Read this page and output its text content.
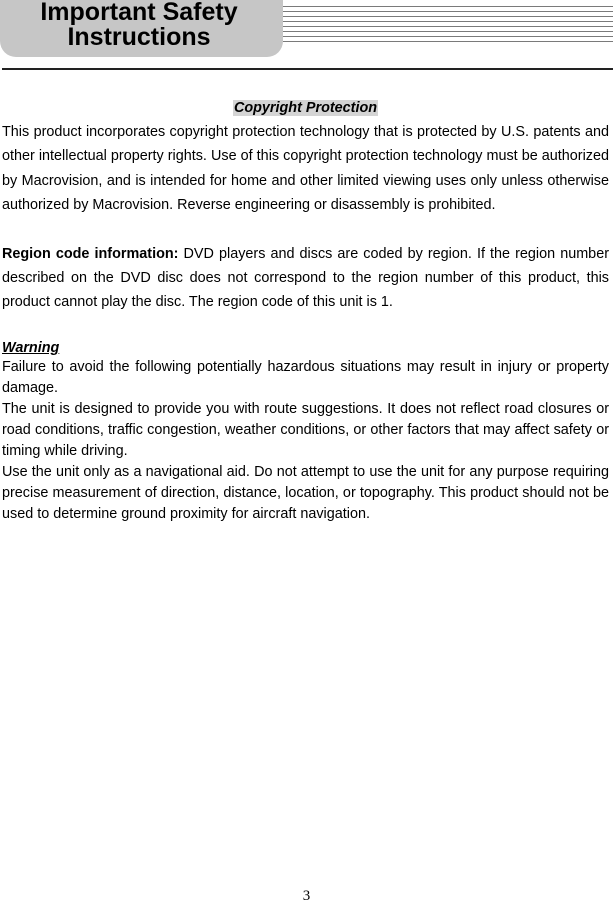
Important Safety
Instructions

Copyright Protection

This product incorporates copyright protection technology that is protected by U.S. patents and other intellectual property rights. Use of this copyright protection technology must be authorized by Macrovision, and is intended for home and other limited viewing uses only unless otherwise authorized by Macrovision. Reverse engineering or disassembly is prohibited.

Region code information: DVD players and discs are coded by region. If the region number described on the DVD disc does not correspond to the region number of this product, this product cannot play the disc. The region code of this unit is 1.

Warning

Failure to avoid the following potentially hazardous situations may result in injury or property damage.

The unit is designed to provide you with route suggestions. It does not reflect road closures or road conditions, traffic congestion, weather conditions, or other factors that may affect safety or timing while driving.

Use the unit only as a navigational aid. Do not attempt to use the unit for any purpose requiring precise measurement of direction, distance, location, or topography. This product should not be used to determine ground proximity for aircraft navigation.

3
